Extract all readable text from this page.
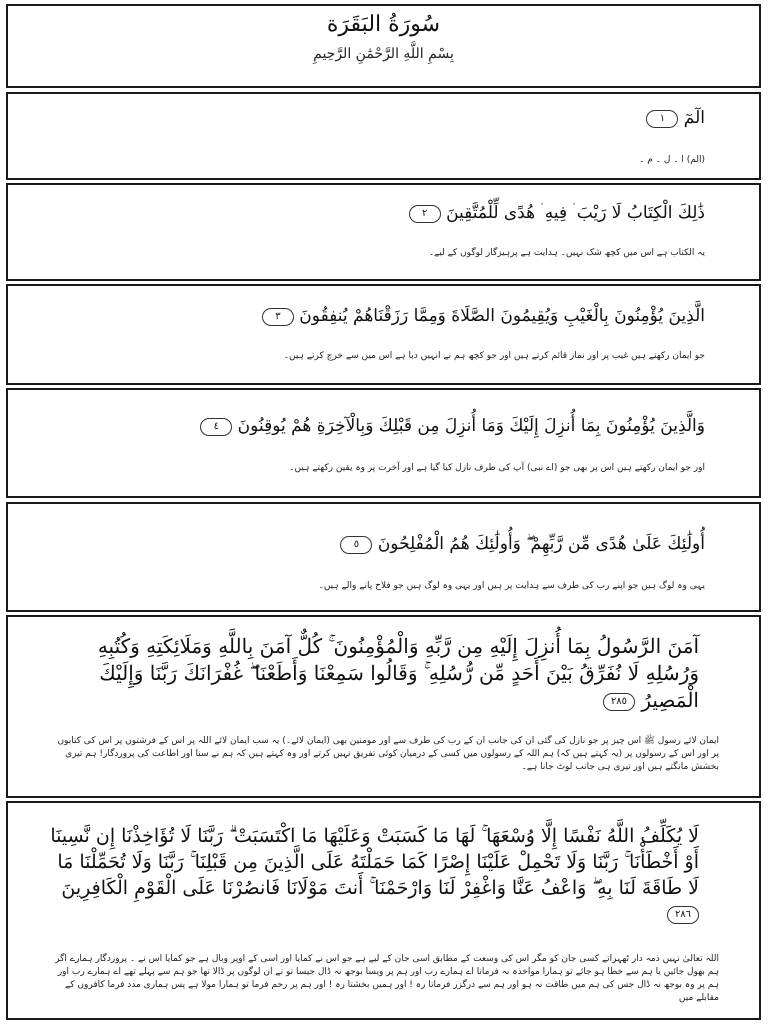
سُورَةُ البَقَرَة
بِسْمِ اللَّهِ الرَّحْمَٰنِ الرَّحِيمِ
الٓمٓ ١
(الم) ا ۔ ل ۔ م ۔
ذَٰلِكَ الْكِتَابُ لَا رَيْبَ ۛ فِيهِ ۛ هُدًى لِّلْمُتَّقِينَ ٢
یہ الکتاب ہے اس میں کچھ شک نہیں۔ ہدایت ہے پرہیزگار لوگوں کے لیے۔
الَّذِينَ يُؤْمِنُونَ بِالْغَيْبِ وَيُقِيمُونَ الصَّلَاةَ وَمِمَّا رَزَقْنَاهُمْ يُنفِقُونَ ٣
جو ایمان رکھتے ہیں غیب پر اور نماز قائم کرتے ہیں اور جو کچھ ہم نے انہیں دیا ہے اس میں سے خرچ کرتے ہیں۔
وَالَّذِينَ يُؤْمِنُونَ بِمَا أُنزِلَ إِلَيْكَ وَمَا أُنزِلَ مِن قَبْلِكَ وَبِالْآخِرَةِ هُمْ يُوقِنُونَ ٤
اور جو ایمان رکھتے ہیں اس پر بھی جو (اے نبی) آپ کی طرف نازل کیا گیا ہے اور آخرت پر وہ یقین رکھتے ہیں۔
أُولَٰئِكَ عَلَىٰ هُدًى مِّن رَّبِّهِمْ ۖ وَأُولَٰئِكَ هُمُ الْمُفْلِحُونَ ٥
یہی وہ لوگ ہیں جو اپنے رب کی طرف سے ہدایت پر ہیں اور یہی وہ لوگ ہیں جو فلاح پانے والے ہیں۔
آمَنَ الرَّسُولُ بِمَا أُنزِلَ إِلَيْهِ مِن رَّبِّهِ وَالْمُؤْمِنُونَ ۚ كُلٌّ آمَنَ بِاللَّهِ وَمَلَائِكَتِهِ وَكُتُبِهِ وَرُسُلِهِ لَا نُفَرِّقُ بَيْنَ أَحَدٍ مِّن رُّسُلِهِ ۚ وَقَالُوا سَمِعْنَا وَأَطَعْنَا ۖ غُفْرَانَكَ رَبَّنَا وَإِلَيْكَ الْمَصِيرُ ٢٨٥
ایمان لائے رسول ﷺ اس چیز پر جو نازل کی گئی ان کی جانب ان کے رب کی طرف سے اور مومنین بھی (ایمان لائے۔) یہ سب ایمان لائے اللہ پر اس کے فرشتوں پر اس کی کتابوں پر اور اس کے رسولوں پر (یہ کہتے ہیں کہ) ہم اللہ کے رسولوں میں کسی کے درمیان کوئی تفریق نہیں کرتے اور وہ کہتے ہیں کہ ہم نے سنا اور اطاعت کی پروردگار! ہم تیری بخشش مانگتے ہیں اور تیری ہی جانب لوٹ جانا ہے۔
لَا يُكَلِّفُ اللَّهُ نَفْسًا إِلَّا وُسْعَهَا ۚ لَهَا مَا كَسَبَتْ وَعَلَيْهَا مَا اكْتَسَبَتْ ۗ رَبَّنَا لَا تُؤَاخِذْنَا إِن نَّسِينَا أَوْ أَخْطَأْنَا ۚ رَبَّنَا وَلَا تَحْمِلْ عَلَيْنَا إِصْرًا كَمَا حَمَلْتَهُ عَلَى الَّذِينَ مِن قَبْلِنَا ۚ رَبَّنَا وَلَا تُحَمِّلْنَا مَا لَا طَاقَةَ لَنَا بِهِ ۖ وَاعْفُ عَنَّا وَاغْفِرْ لَنَا وَارْحَمْنَا ۚ أَنتَ مَوْلَانَا فَانصُرْنَا عَلَى الْقَوْمِ الْكَافِرِينَ ٢٨٦
اللہ تعالیٰ نہیں ذمہ دار ٹھہراتے کسی جان کو مگر اس کی وسعت کے مطابق اسی جان کے لیے ہے جو اس نے کمایا اور اسی کے اوپر وبال ہے جو کمایا اس نے ۔ پروردگار ہمارے اگر ہم بھول جائیں یا ہم سے خطا ہو جائے تو ہمارا مواخذہ نہ فرمانا اے ہمارے رب اور ہم پر ویسا بوجھ نہ ڈال جیسا تو نے ان لوگوں پر ڈالا تھا جو ہم سے پہلے تھے اے ہمارے رب اور ہم پر وہ بوجھ نہ ڈال جس کی ہم میں طاقت نہ ہو اور ہم سے درگزر فرماتا رہ ! اور ہمیں بخشتا رہ ! اور ہم پر رحم فرما تو ہمارا مولا ہے پس ہماری مدد فرما کافروں کے مقابلے میں
